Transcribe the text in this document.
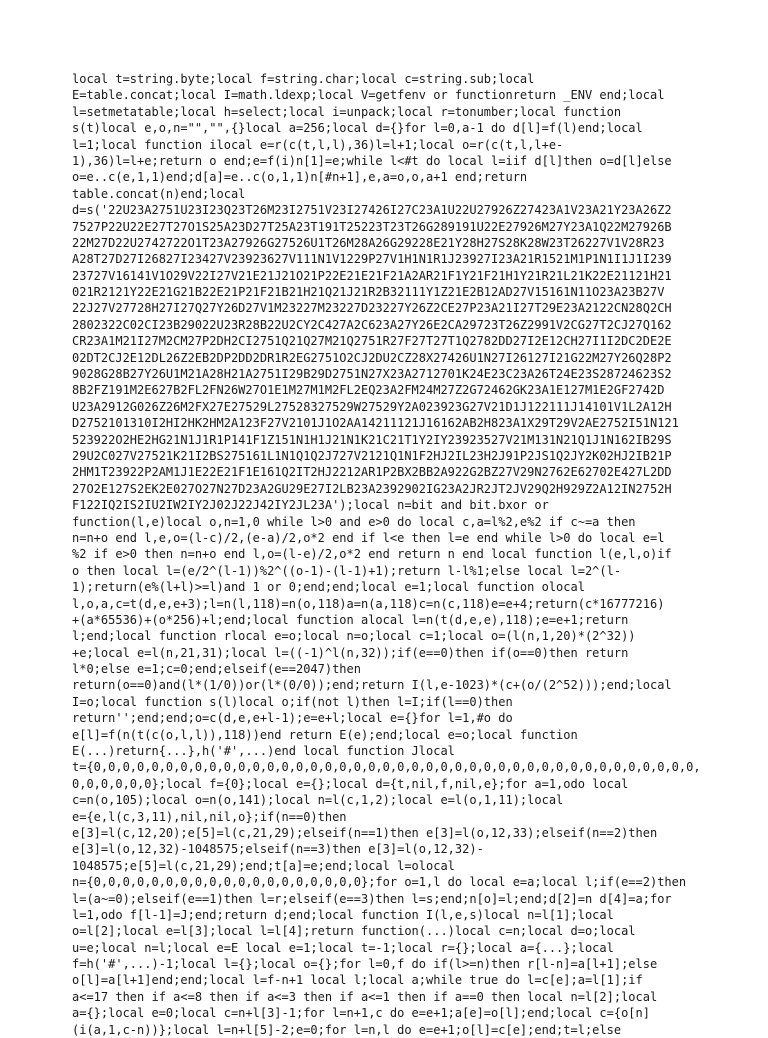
local t=string.byte;local f=string.char;local c=string.sub;local
E=table.concat;local I=math.ldexp;local V=getfenv or functionreturn _ENV end;local
l=setmetatable;local h=select;local i=unpack;local r=tonumber;local function
s(t)local e,o,n="","",{}local a=256;local d={}for l=0,a-1 do d[l]=f(l)end;local
l=1;local function ilocal e=r(c(t,l,l),36)l=l+1;local o=r(c(t,l,l+e-
1),36)l=l+e;return o end;e=f(i)n[1]=e;while l<#t do local l=iif d[l]then o=d[l]else
o=e..c(e,1,1)end;d[a]=e..c(o,1,1)n[#n+1],e,a=o,o,a+1 end;return
table.concat(n)end;local
d=s('22U23A2751U23I23Q23T26M23I2751V23I27426I27C23A1U22U27926Z27423A1V23A21Y23A26Z2
7527P22U22E27T27O1S25A23D27T25A23T191T25223T23T26G289191U22E27926M27Y23A1Q22M27926B
22M27D22U2742722O1T23A27926G27526U1T26M28A26G29228E21Y28H27S28K28W23T26227V1V28R23
A28T27D27I26827I23427V23923627V111N1V1229P27V1H1N1R1J23927I23A21R1521M1P1N1I1J1I239
23727V16141V1O29V22I27V21E21J21O21P22E21E21F21A2AR21F1Y21F21H1Y21R21L21K22E21121H21
021R2121Y22E21G21B22E21P21F21B21H21Q21J21R2B32111Y1Z21E2B12AD27V15161N11O23A23B27V
22J27V27728H27I27Q27Y26D27V1M23227M23227D23227Y26Z2CE27P23A21I27T29E23A2122CN28Q2CH
2802322C02CI23B29022U23R28B22U2CY2C427A2C623A27Y26E2CA29723T26Z2991V2CG27T2CJ27Q162
CR23A1M21I27M2CM27P2DH2CI2751Q21Q27M21Q2751R27F27T27T1Q2782DD27I2E12CH27I1I2DC2DE2E
02DT2CJ2E12DL26Z2EB2DP2DD2DR1R2EG2751O2CJ2DU2CZ28X27426U1N27I26127I21G22M27Y26Q28P2
9028G28B27Y26U1M21A28H21A2751I29B29D2751N27X23A2712701K24E23C23A26T24E23S28724623S2
8B2FZ191M2E627B2FL2FN26W27O1E1M27M1M2FL2EQ23A2FM24M27Z2G72462GK23A1E127M1E2GF2742D
U23A2912G026Z26M2FX27E27529L27528327529W27529Y2A023923G27V21D1J122111J14101V1L2A12H
D2752101310I2HI2HK2HM2A123F27V2101J1O2AA14211121J16162AB2H823A1X29T29V2AE2752I51N121
523922O2HE2HG21N1J1R1P141F1Z151N1H1J21N1K21C21T1Y2IY23923527V21M131N21Q1J1N162IB29S
29U2C027V27521K21I2BS275161L1N1Q1Q2J727V2121Q1N1F2HJ2IL23H2J91P2JS1Q2JY2K02HJ2IB21P
2HM1T23922P2AM1J1E22E21F1E161Q2IT2HJ2212AR1P2BX2BB2A922G2BZ27V29N2762E62702E427L2DD
27O2E127S2EK2E027O27N27D23A2GU29E27I2LB23A2392902IG23A2JR2JT2JV29Q2H929Z2A12IN2752H
F122IQ2IS2IU2IW2IY2J02J22J42IY2JL23A');local n=bit and bit.bxor or
function(l,e)local o,n=1,0 while l>0 and e>0 do local c,a=l%2,e%2 if c~=a then
n=n+o end l,e,o=(l-c)/2,(e-a)/2,o*2 end if l<e then l=e end while l>0 do local e=l
%2 if e>0 then n=n+o end l,o=(l-e)/2,o*2 end return n end local function l(e,l,o)if
o then local l=(e/2^(l-1))%2^((o-1)-(l-1)+1);return l-l%1;else local l=2^(l-
1);return(e%(l+l)>=l)and 1 or 0;end;end;local e=1;local function olocal
l,o,a,c=t(d,e,e+3);l=n(l,118)=n(o,118)a=n(a,118)c=n(c,118)e=e+4;return(c*16777216)
+(a*65536)+(o*256)+l;end;local function alocal l=n(t(d,e,e),118);e=e+1;return
l;end;local function rlocal e=o;local n=o;local c=1;local o=(l(n,1,20)*(2^32))
+e;local e=l(n,21,31);local l=((-1)^l(n,32));if(e==0)then if(o==0)then return
l*0;else e=1;c=0;end;elseif(e==2047)then
return(o==0)and(l*(1/0))or(l*(0/0));end;return I(l,e-1023)*(c+(o/(2^52)));end;local
I=o;local function s(l)local o;if(not l)then l=I;if(l==0)then
return'';end;end;o=c(d,e,e+l-1);e=e+l;local e={}for l=1,#o do
e[l]=f(n(t(c(o,l,l)),118))end return E(e);end;local e=o;local function
E(...)return{...},h('#',...)end local function Jlocal
t={0,0,0,0,0,0,0,0,0,0,0,0,0,0,0,0,0,0,0,0,0,0,0,0,0,0,0,0,0,0,0,0,0,0,0,0,0,0,0,0,0,0,
0,0,0,0,0,0};local f={0};local e={};local d={t,nil,f,nil,e};for a=1,odo local
c=n(o,105);local o=n(o,141);local n=l(c,1,2);local e=l(o,1,11);local
e={e,l(c,3,11),nil,nil,o};if(n==0)then
e[3]=l(c,12,20);e[5]=l(c,21,29);elseif(n==1)then e[3]=l(o,12,33);elseif(n==2)then
e[3]=l(o,12,32)-1048575;elseif(n==3)then e[3]=l(o,12,32)-
1048575;e[5]=l(c,21,29);end;t[a]=e;end;local l=olocal
n={0,0,0,0,0,0,0,0,0,0,0,0,0,0,0,0,0,0,0};for o=1,l do local e=a;local l;if(e==2)then
l=(a~=0);elseif(e==1)then l=r;elseif(e==3)then l=s;end;n[o]=l;end;d[2]=n d[4]=a;for
l=1,odo f[l-1]=J;end;return d;end;local function I(l,e,s)local n=l[1];local
o=l[2];local e=l[3];local l=l[4];return function(...)local c=n;local d=o;local
u=e;local n=l;local e=E local e=1;local t=-1;local r={};local a={...};local
f=h('#',...)-1;local l={};local o={};for l=0,f do if(l>=n)then r[l-n]=a[l+1];else
o[l]=a[l+1]end;end;local l=f-n+1 local l;local a;while true do l=c[e];a=l[1];if
a<=17 then if a<=8 then if a<=3 then if a<=1 then if a==0 then local n=l[2];local
a={};local e=0;local c=n+l[3]-1;for l=n+1,c do e=e+1;a[e]=o[l];end;local c={o[n]
(i(a,1,c-n))};local l=n+l[5]-2;e=0;for l=n,l do e=e+1;o[l]=c[e];end;t=l;else
